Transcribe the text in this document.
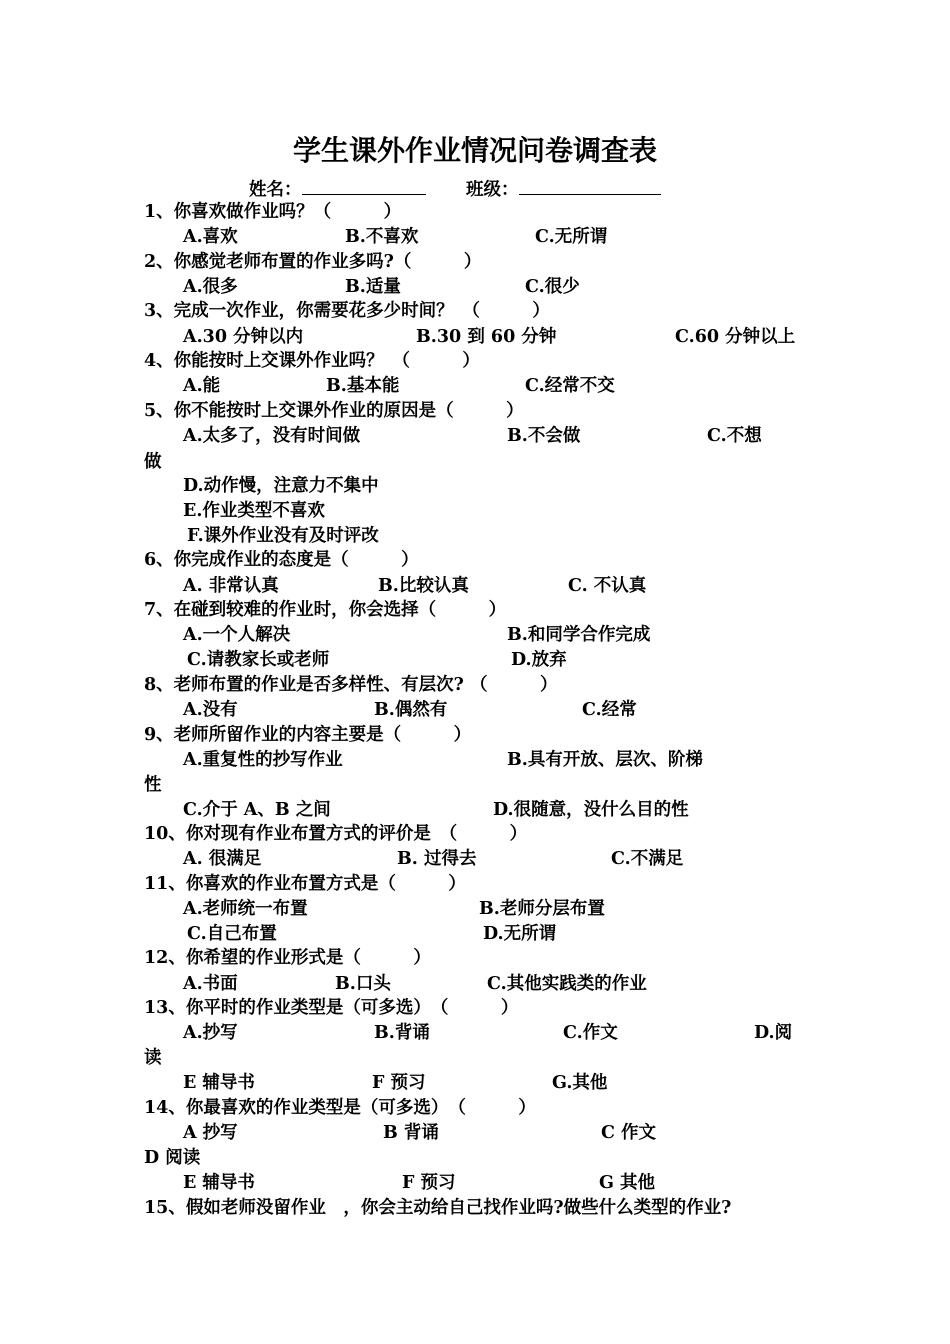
学生课外作业情况问卷调查表
姓名：	班级：
1、你喜欢做作业吗？（　　　）
A.喜欢	B.不喜欢	C.无所谓
2、你感觉老师布置的作业多吗?（　　　）
A.很多	B.适量	C.很少
3、完成一次作业，你需要花多少时间？　（　　　）
A.30 分钟以内	B.30 到 60 分钟	C.60 分钟以上
4、你能按时上交课外作业吗？　（　　　）
A.能	B.基本能	C.经常不交
5、你不能按时上交课外作业的原因是（　　　）
A.太多了，没有时间做	B.不会做	C.不想
做
D.动作慢，注意力不集中
E.作业类型不喜欢
F.课外作业没有及时评改
6、你完成作业的态度是（　　　）
A. 非常认真	B.比较认真	C. 不认真
7、在碰到较难的作业时，你会选择（　　　）
A.一个人解决	B.和同学合作完成
C.请教家长或老师	D.放弃
8、老师布置的作业是否多样性、有层次? （　　　）
A.没有	B.偶然有	C.经常
9、老师所留作业的内容主要是（　　　）
A.重复性的抄写作业	B.具有开放、层次、阶梯
性
C.介于 A、B 之间	D.很随意，没什么目的性
10、你对现有作业布置方式的评价是　（　　　）
A. 很满足	B. 过得去	C.不满足
11、你喜欢的作业布置方式是（　　　）
A.老师统一布置	B.老师分层布置
C.自己布置	D.无所谓
12、你希望的作业形式是（　　　）
A.书面	B.口头	C.其他实践类的作业
13、你平时的作业类型是（可多选）　（　　　）
A.抄写	B.背诵	C.作文	D.阅
读
E 辅导书	F 预习	G.其他
14、你最喜欢的作业类型是（可多选）　（　　　）
A 抄写	B 背诵	C 作文
D 阅读
E 辅导书	F 预习	G 其他
15、假如老师没留作业　，你会主动给自己找作业吗?做些什么类型的作业?
